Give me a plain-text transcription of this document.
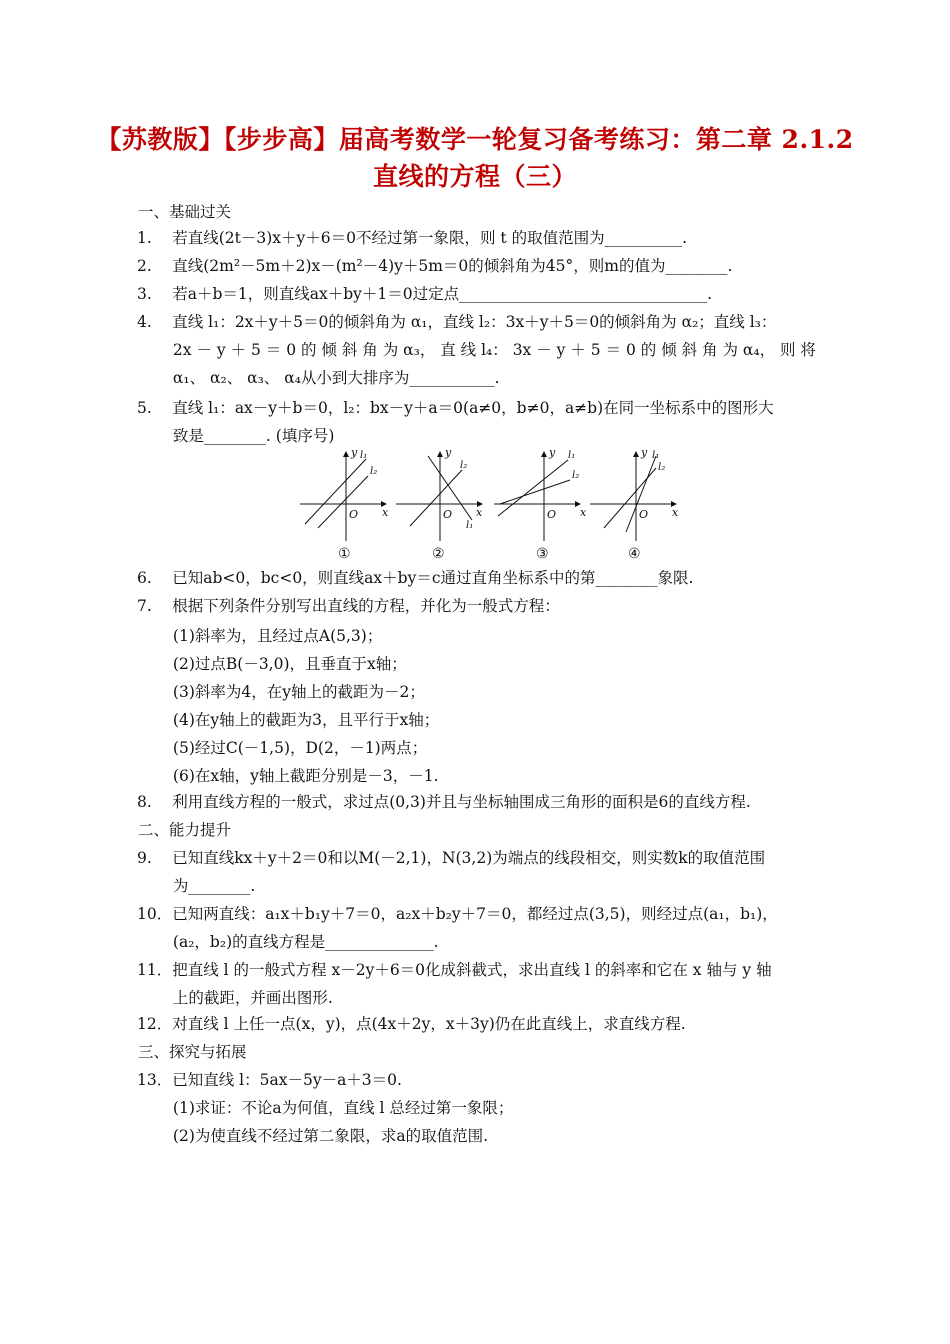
【苏教版】【步步高】届高考数学一轮复习备考练习：第二章 2.1.2
直线的方程（三）
一、基础过关
1.　 若直线(2t－3)x＋y＋6＝0不经过第一象限，则 t 的取值范围为__________.
2.　 直线(2m²－5m＋2)x－(m²－4)y＋5m＝0的倾斜角为45°，则m的值为________.
3.　 若a＋b＝1，则直线ax＋by＋1＝0过定点________________________________.
4.　 直线 l₁：2x＋y＋5＝0的倾斜角为 α₁，直线 l₂：3x＋y＋5＝0的倾斜角为 α₂；直线 l₃：
　　 2x － y ＋ 5 ＝ 0 的 倾 斜 角 为 α₃， 直 线 l₄： 3x － y ＋ 5 ＝ 0 的 倾 斜 角 为 α₄， 则 将
　　 α₁、 α₂、 α₃、 α₄从小到大排序为___________.
5.　 直线 l₁：ax－y＋b＝0，l₂：bx－y＋a＝0(a≠0，b≠0，a≠b)在同一坐标系中的图形大
　　 致是________. (填序号)
6.　 已知ab<0，bc<0，则直线ax＋by＝c通过直角坐标系中的第________象限.
7.　 根据下列条件分别写出直线的方程，并化为一般式方程：
　　 (1)斜率为，且经过点A(5,3)；
　　 (2)过点B(－3,0)，且垂直于x轴；
　　 (3)斜率为4，在y轴上的截距为－2；
　　 (4)在y轴上的截距为3，且平行于x轴；
　　 (5)经过C(－1,5)，D(2，－1)两点；
　　 (6)在x轴，y轴上截距分别是－3，－1.
8.　 利用直线方程的一般式，求过点(0,3)并且与坐标轴围成三角形的面积是6的直线方程.
二、能力提升
9.　 已知直线kx＋y＋2＝0和以M(－2,1)，N(3,2)为端点的线段相交，则实数k的取值范围
　　 为________.
10．已知两直线：a₁x＋b₁y＋7＝0，a₂x＋b₂y＋7＝0，都经过点(3,5)，则经过点(a₁，b₁)，
　　 (a₂，b₂)的直线方程是______________.
11．把直线 l 的一般式方程 x－2y＋6＝0化成斜截式，求出直线 l 的斜率和它在 x 轴与 y 轴
　　 上的截距，并画出图形.
12．对直线 l 上任一点(x，y)，点(4x＋2y，x＋3y)仍在此直线上，求直线方程.
三、探究与拓展
13．已知直线 l：5ax－5y－a＋3＝0.
　　 (1)求证：不论a为何值，直线 l 总经过第一象限；
　　 (2)为使直线不经过第二象限，求a的取值范围.
y
x
O
l₁
l₂
①
y
x
O
l₁
l₂
②
y
x
O
l₁
l₂
③
y
x
O
l₁
l₂
④
